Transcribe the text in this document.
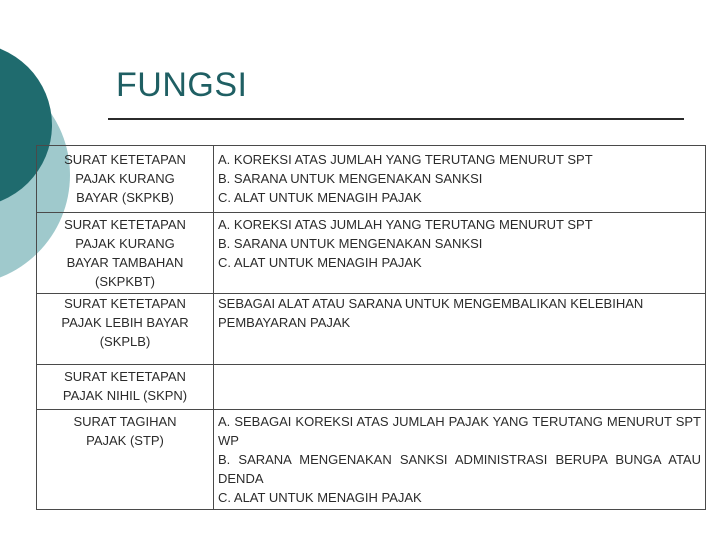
FUNGSI
SURAT KETETAPAN
PAJAK KURANG
BAYAR (SKPKB)	A. KOREKSI ATAS JUMLAH YANG TERUTANG MENURUT SPT
B. SARANA UNTUK MENGENAKAN SANKSI
C. ALAT UNTUK MENAGIH PAJAK

SURAT KETETAPAN
PAJAK KURANG
BAYAR TAMBAHAN
(SKPKBT)	A. KOREKSI ATAS JUMLAH YANG TERUTANG MENURUT SPT
B. SARANA UNTUK MENGENAKAN SANKSI
C. ALAT UNTUK MENAGIH PAJAK

SURAT KETETAPAN
PAJAK LEBIH BAYAR
(SKPLB)	SEBAGAI ALAT ATAU SARANA UNTUK MENGEMBALIKAN KELEBIHAN PEMBAYARAN PAJAK

SURAT KETETAPAN
PAJAK NIHIL (SKPN)	

SURAT TAGIHAN
PAJAK (STP)	A. SEBAGAI KOREKSI ATAS JUMLAH PAJAK YANG TERUTANG MENURUT SPT WP
B. SARANA MENGENAKAN SANKSI ADMINISTRASI BERUPA BUNGA ATAU DENDA
C. ALAT UNTUK MENAGIH PAJAK
